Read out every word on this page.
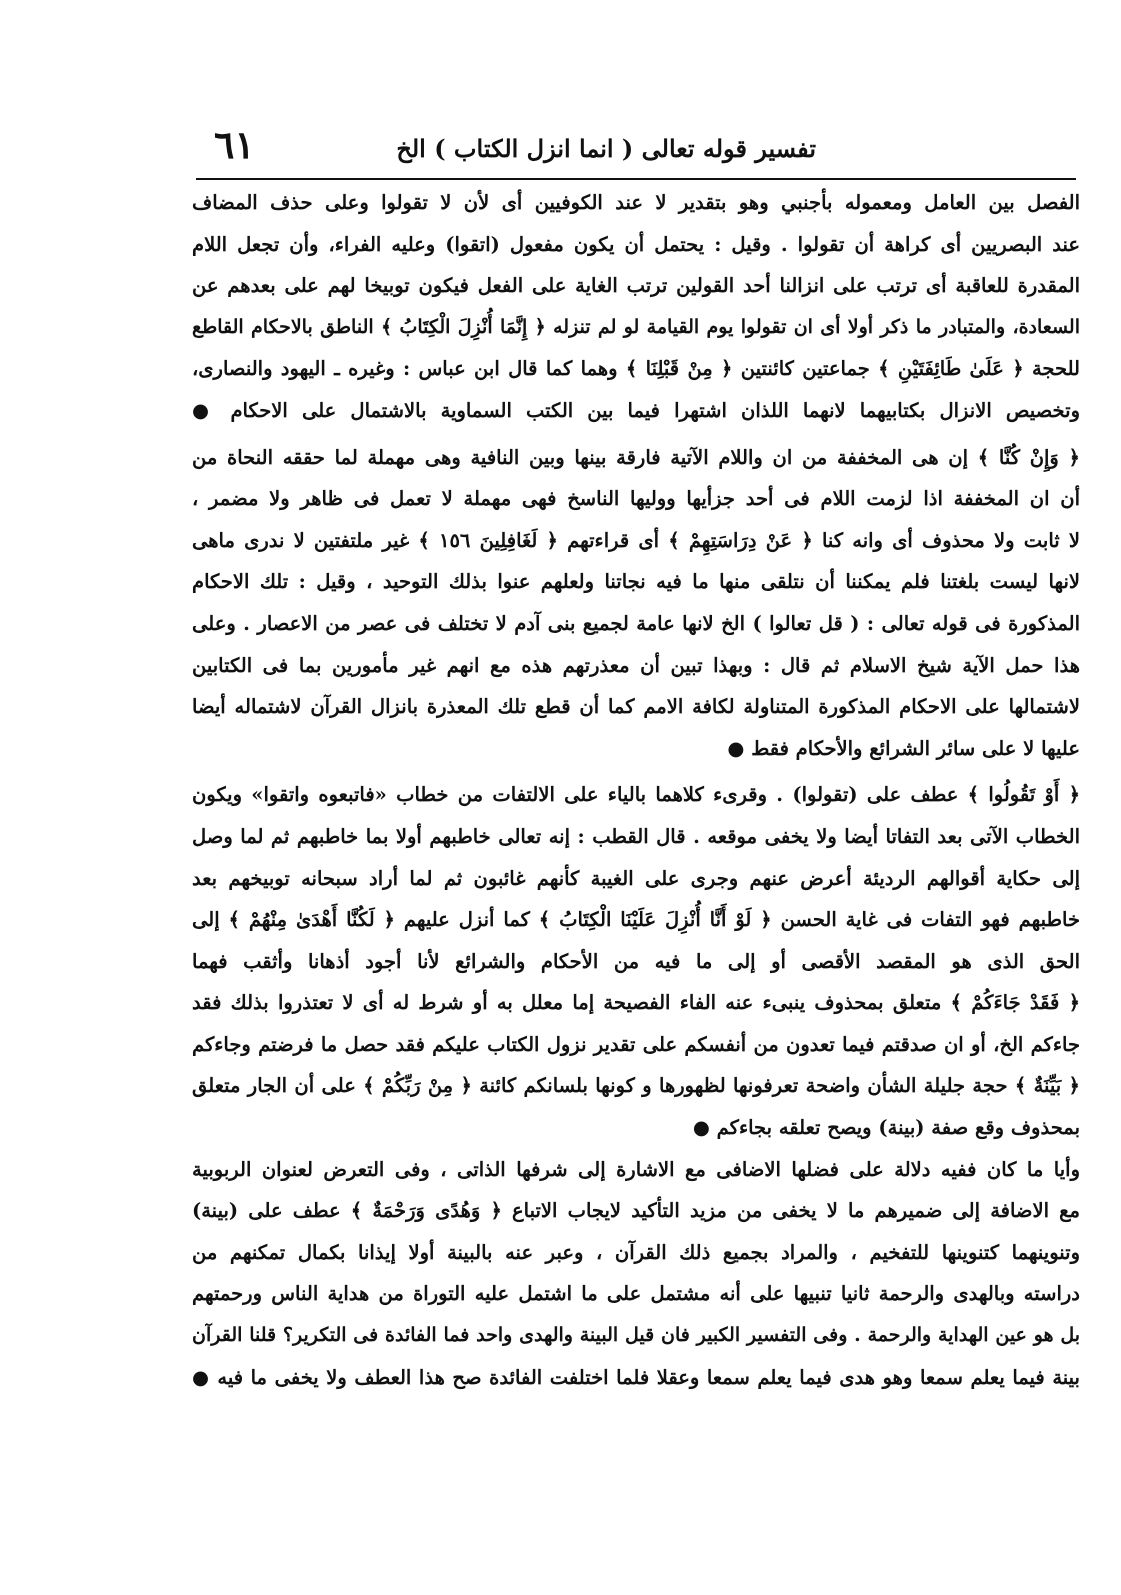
تفسير قوله تعالى ( انما انزل الكتاب ) الخ
٦١
الفصل بين العامل ومعموله بأجنبي وهو بتقدير لا عند الكوفيين أى لأن لا تقولوا وعلى حذف المضاف
عند البصريين أى كراهة أن تقولوا . وقيل : يحتمل أن يكون مفعول (اتقوا) وعليه الفراء، وأن تجعل اللام
المقدرة للعاقبة أى ترتب على انزالنا أحد القولين ترتب الغاية على الفعل فيكون توبيخا لهم على بعدهم عن
السعادة، والمتبادر ما ذكر أولا أى ان تقولوا يوم القيامة لو لم تنزله ﴿ إِنَّمَا أُنْزِلَ الْكِتَابُ ﴾ الناطق بالاحكام القاطع
للحجة ﴿ عَلَىٰ طَائِفَتَيْنِ ﴾ جماعتين كائنتين ﴿ مِنْ قَبْلِنَا ﴾ وهما كما قال ابن عباس : وغيره ـ اليهود والنصارى،
وتخصيص الانزال بكتابيهما لانهما اللذان اشتهرا فيما بين الكتب السماوية بالاشتمال على الاحكام ●
﴿ وَإِنْ كُنَّا ﴾ إن هى المخففة من ان واللام الآتية فارقة بينها وبين النافية وهى مهملة لما حققه النحاة من
أن ان المخففة اذا لزمت اللام فى أحد جزأيها ووليها الناسخ فهى مهملة لا تعمل فى ظاهر ولا مضمر ،
لا ثابت ولا محذوف أى وانه كنا ﴿ عَنْ دِرَاسَتِهِمْ ﴾ أى قراءتهم ﴿ لَغَافِلِينَ ١٥٦ ﴾ غير ملتفتين لا ندرى ماهى
لانها ليست بلغتنا فلم يمكننا أن نتلقى منها ما فيه نجاتنا ولعلهم عنوا بذلك التوحيد ، وقيل : تلك الاحكام
المذكورة فى قوله تعالى : ( قل تعالوا ) الخ لانها عامة لجميع بنى آدم لا تختلف فى عصر من الاعصار . وعلى
هذا حمل الآية شيخ الاسلام ثم قال : وبهذا تبين أن معذرتهم هذه مع انهم غير مأمورين بما فى الكتابين
لاشتمالها على الاحكام المذكورة المتناولة لكافة الامم كما أن قطع تلك المعذرة بانزال القرآن لاشتماله أيضا
عليها لا على سائر الشرائع والأحكام فقط ●
﴿ أَوْ تَقُولُوا ﴾ عطف على (تقولوا) . وقرىء كلاهما بالياء على الالتفات من خطاب «فاتبعوه واتقوا» ويكون
الخطاب الآتى بعد التفاتا أيضا ولا يخفى موقعه . قال القطب : إنه تعالى خاطبهم أولا بما خاطبهم ثم لما وصل
إلى حكاية أقوالهم الرديئة أعرض عنهم وجرى على الغيبة كأنهم غائبون ثم لما أراد سبحانه توبيخهم بعد
خاطبهم فهو التفات فى غاية الحسن ﴿ لَوْ أَنَّا أُنْزِلَ عَلَيْنَا الْكِتَابُ ﴾ كما أنزل عليهم ﴿ لَكُنَّا أَهْدَىٰ مِنْهُمْ ﴾ إلى
الحق الذى هو المقصد الأقصى أو إلى ما فيه من الأحكام والشرائع لأنا أجود أذهانا وأثقب فهما
﴿ فَقَدْ جَاءَكُمْ ﴾ متعلق بمحذوف ينبىء عنه الفاء الفصيحة إما معلل به أو شرط له أى لا تعتذروا بذلك فقد
جاءكم الخ، أو ان صدقتم فيما تعدون من أنفسكم على تقدير نزول الكتاب عليكم فقد حصل ما فرضتم وجاءكم
﴿ بَيِّنَةٌ ﴾ حجة جليلة الشأن واضحة تعرفونها لظهورها و كونها بلسانكم كائنة ﴿ مِنْ رَبِّكُمْ ﴾ على أن الجار متعلق
بمحذوف وقع صفة (بينة) ويصح تعلقه بجاءكم ●
وأيا ما كان ففيه دلالة على فضلها الاضافى مع الاشارة إلى شرفها الذاتى ، وفى التعرض لعنوان الربوبية
مع الاضافة إلى ضميرهم ما لا يخفى من مزيد التأكيد لايجاب الاتباع ﴿ وَهُدًى وَرَحْمَةٌ ﴾ عطف على (بينة)
وتنوينهما كتنوينها للتفخيم ، والمراد بجميع ذلك القرآن ، وعبر عنه بالبينة أولا إيذانا بكمال تمكنهم من
دراسته وبالهدى والرحمة ثانيا تنبيها على أنه مشتمل على ما اشتمل عليه التوراة من هداية الناس ورحمتهم
بل هو عين الهداية والرحمة . وفى التفسير الكبير فان قيل البينة والهدى واحد فما الفائدة فى التكرير؟ قلنا القرآن
بينة فيما يعلم سمعا وهو هدى فيما يعلم سمعا وعقلا فلما اختلفت الفائدة صح هذا العطف ولا يخفى ما فيه ●
